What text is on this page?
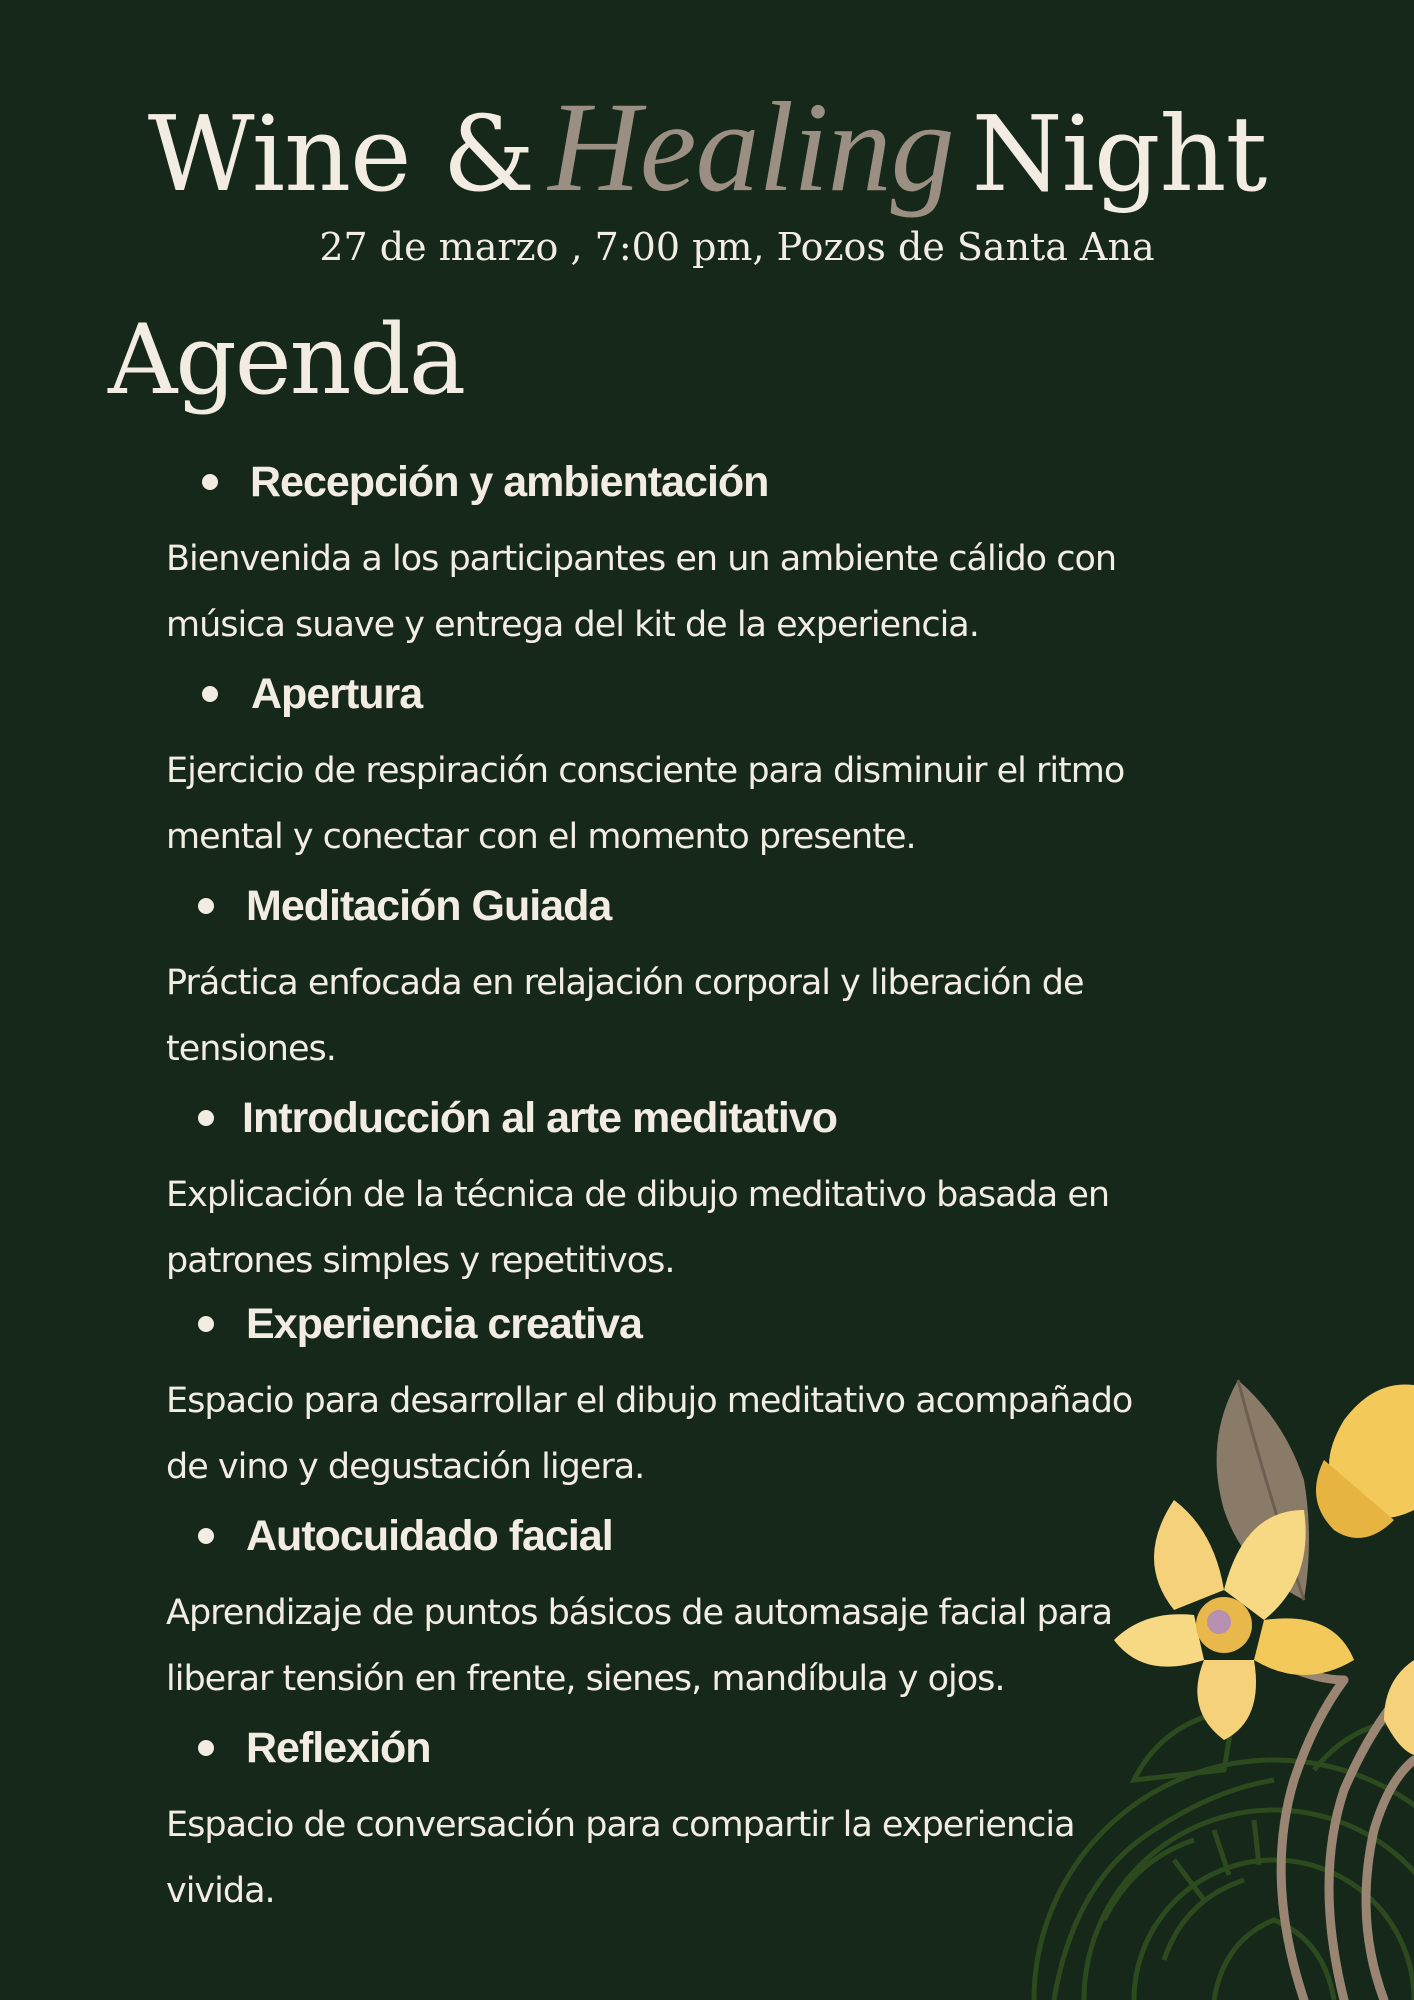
Wine & Healing Night
27 de marzo , 7:00 pm, Pozos de Santa Ana
Agenda
Recepción y ambientación
Bienvenida a los participantes en un ambiente cálido con música suave y entrega del kit de la experiencia.
Apertura
Ejercicio de respiración consciente para disminuir el ritmo mental y conectar con el momento presente.
Meditación Guiada
Práctica enfocada en relajación corporal y liberación de tensiones.
Introducción al arte meditativo
Explicación de la técnica de dibujo meditativo basada en patrones simples y repetitivos.
Experiencia creativa
Espacio para desarrollar el dibujo meditativo acompañado de vino y degustación ligera.
Autocuidado facial
Aprendizaje de puntos básicos de automasaje facial para liberar tensión en frente, sienes, mandíbula y ojos.
Reflexión
Espacio de conversación para compartir la experiencia vivida.
